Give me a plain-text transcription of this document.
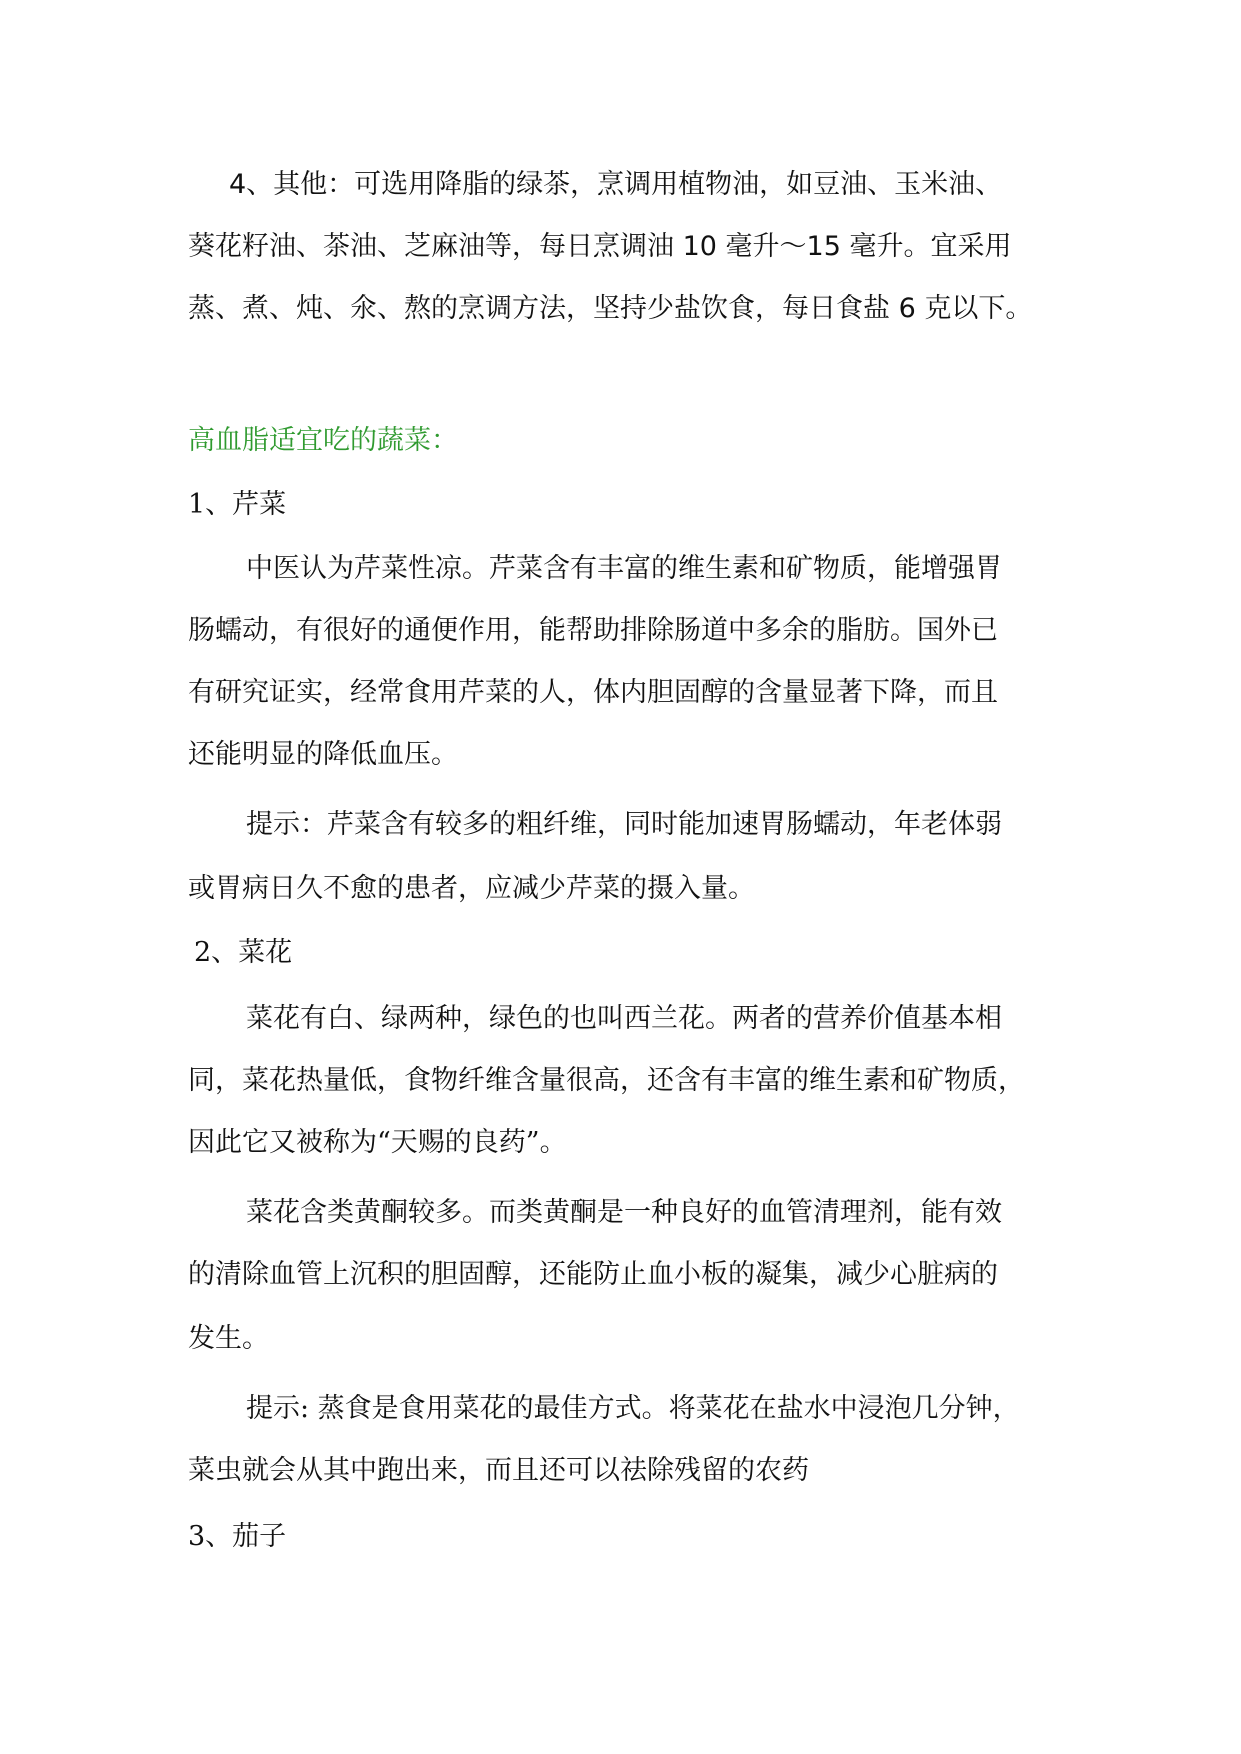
4、其他：可选用降脂的绿茶，烹调用植物油，如豆油、玉米油、
葵花籽油、茶油、芝麻油等，每日烹调油 10 毫升～15 毫升。宜采用
蒸、煮、炖、氽、熬的烹调方法，坚持少盐饮食，每日食盐 6 克以下。
高血脂适宜吃的蔬菜：
1、芹菜
中医认为芹菜性凉。芹菜含有丰富的维生素和矿物质，能增强胃
肠蠕动，有很好的通便作用，能帮助排除肠道中多余的脂肪。国外已
有研究证实，经常食用芹菜的人，体内胆固醇的含量显著下降，而且
还能明显的降低血压。
提示：芹菜含有较多的粗纤维，同时能加速胃肠蠕动，年老体弱
或胃病日久不愈的患者，应减少芹菜的摄入量。
2、菜花
菜花有白、绿两种，绿色的也叫西兰花。两者的营养价值基本相
同，菜花热量低，食物纤维含量很高，还含有丰富的维生素和矿物质，
因此它又被称为“天赐的良药”。
菜花含类黄酮较多。而类黄酮是一种良好的血管清理剂，能有效
的清除血管上沉积的胆固醇，还能防止血小板的凝集，减少心脏病的
发生。
提示: 蒸食是食用菜花的最佳方式。将菜花在盐水中浸泡几分钟，
菜虫就会从其中跑出来，而且还可以祛除残留的农药
3、茄子
